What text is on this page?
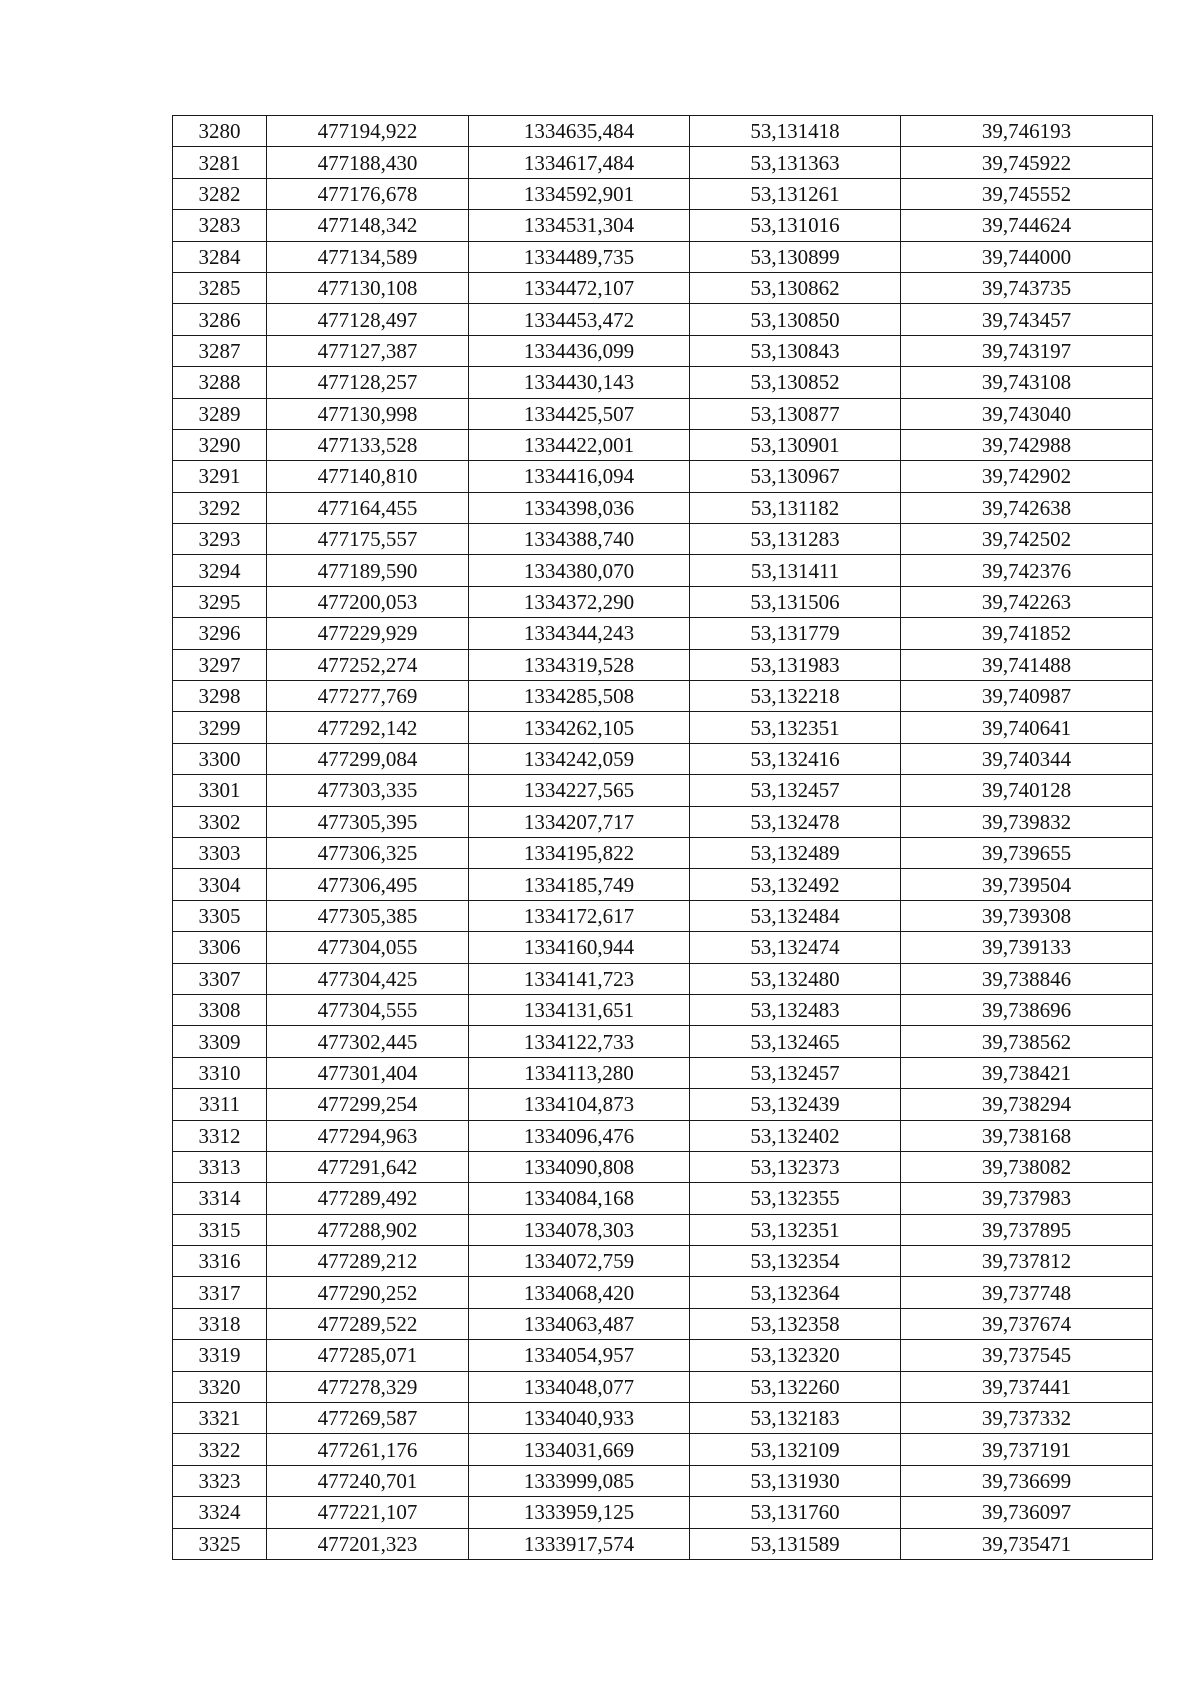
3280	477194,922	1334635,484	53,131418	39,746193
3281	477188,430	1334617,484	53,131363	39,745922
3282	477176,678	1334592,901	53,131261	39,745552
3283	477148,342	1334531,304	53,131016	39,744624
3284	477134,589	1334489,735	53,130899	39,744000
3285	477130,108	1334472,107	53,130862	39,743735
3286	477128,497	1334453,472	53,130850	39,743457
3287	477127,387	1334436,099	53,130843	39,743197
3288	477128,257	1334430,143	53,130852	39,743108
3289	477130,998	1334425,507	53,130877	39,743040
3290	477133,528	1334422,001	53,130901	39,742988
3291	477140,810	1334416,094	53,130967	39,742902
3292	477164,455	1334398,036	53,131182	39,742638
3293	477175,557	1334388,740	53,131283	39,742502
3294	477189,590	1334380,070	53,131411	39,742376
3295	477200,053	1334372,290	53,131506	39,742263
3296	477229,929	1334344,243	53,131779	39,741852
3297	477252,274	1334319,528	53,131983	39,741488
3298	477277,769	1334285,508	53,132218	39,740987
3299	477292,142	1334262,105	53,132351	39,740641
3300	477299,084	1334242,059	53,132416	39,740344
3301	477303,335	1334227,565	53,132457	39,740128
3302	477305,395	1334207,717	53,132478	39,739832
3303	477306,325	1334195,822	53,132489	39,739655
3304	477306,495	1334185,749	53,132492	39,739504
3305	477305,385	1334172,617	53,132484	39,739308
3306	477304,055	1334160,944	53,132474	39,739133
3307	477304,425	1334141,723	53,132480	39,738846
3308	477304,555	1334131,651	53,132483	39,738696
3309	477302,445	1334122,733	53,132465	39,738562
3310	477301,404	1334113,280	53,132457	39,738421
3311	477299,254	1334104,873	53,132439	39,738294
3312	477294,963	1334096,476	53,132402	39,738168
3313	477291,642	1334090,808	53,132373	39,738082
3314	477289,492	1334084,168	53,132355	39,737983
3315	477288,902	1334078,303	53,132351	39,737895
3316	477289,212	1334072,759	53,132354	39,737812
3317	477290,252	1334068,420	53,132364	39,737748
3318	477289,522	1334063,487	53,132358	39,737674
3319	477285,071	1334054,957	53,132320	39,737545
3320	477278,329	1334048,077	53,132260	39,737441
3321	477269,587	1334040,933	53,132183	39,737332
3322	477261,176	1334031,669	53,132109	39,737191
3323	477240,701	1333999,085	53,131930	39,736699
3324	477221,107	1333959,125	53,131760	39,736097
3325	477201,323	1333917,574	53,131589	39,735471
